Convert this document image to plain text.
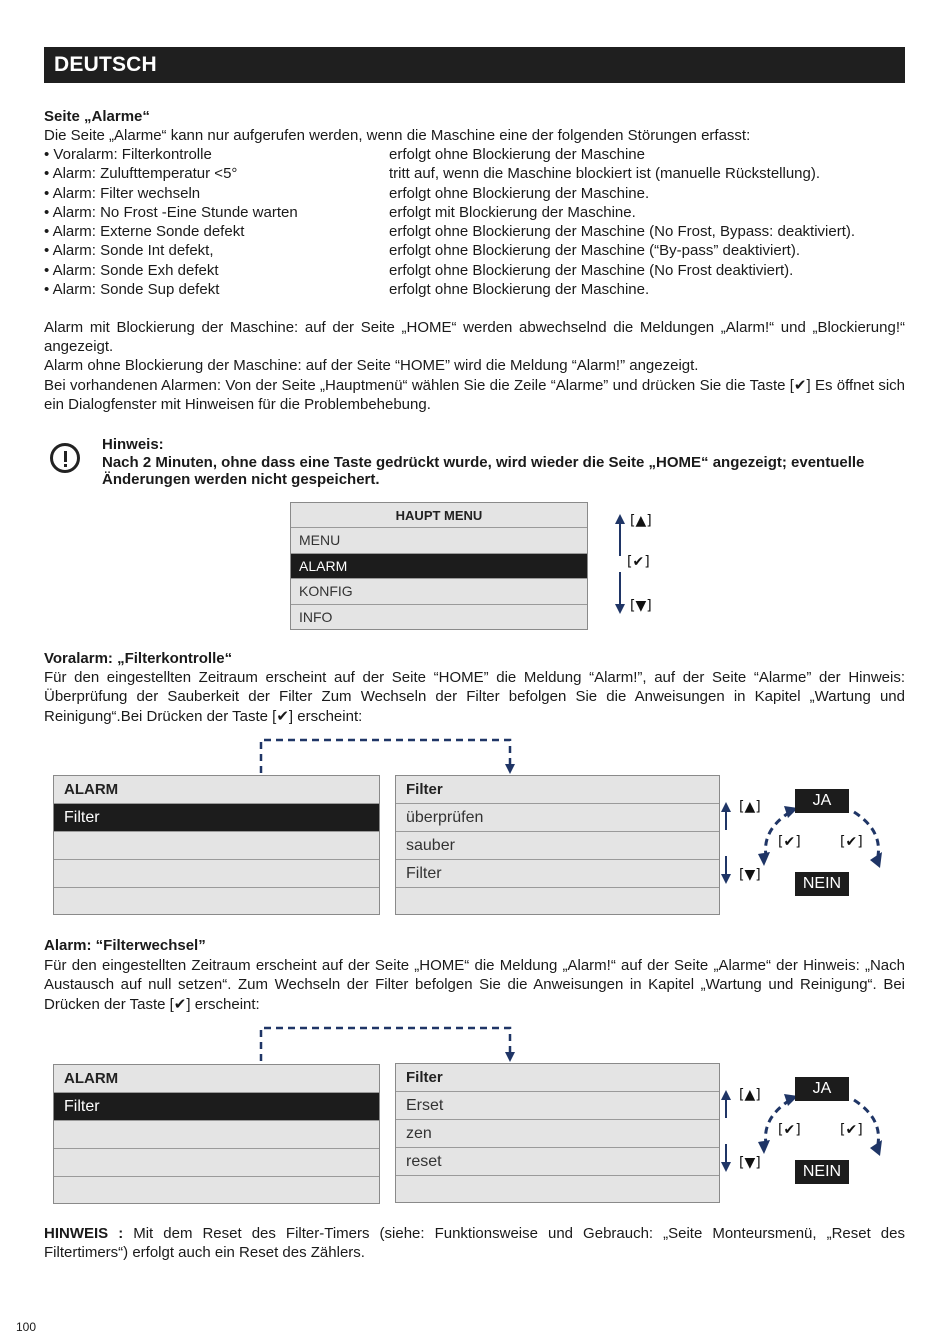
DEUTSCH
Seite „Alarme“
Die Seite „Alarme“ kann nur aufgerufen werden, wenn die Maschine eine der folgenden Störungen erfasst:
• Voralarm: Filterkontrolle	erfolgt ohne Blockierung der Maschine
• Alarm: Zulufttemperatur <5°	tritt auf, wenn die Maschine blockiert ist (manuelle Rückstellung).
• Alarm: Filter wechseln	erfolgt ohne Blockierung der Maschine.
• Alarm: No Frost -Eine Stunde warten	erfolgt mit Blockierung der Maschine.
• Alarm: Externe Sonde defekt	erfolgt ohne Blockierung der Maschine (No Frost, Bypass: deaktiviert).
• Alarm: Sonde Int defekt,	erfolgt ohne Blockierung der Maschine (“By-pass” deaktiviert).
• Alarm: Sonde Exh defekt	erfolgt ohne Blockierung der Maschine (No Frost deaktiviert).
• Alarm: Sonde Sup defekt	erfolgt ohne Blockierung der Maschine.
Alarm mit Blockierung der Maschine: auf der Seite „HOME“ werden abwechselnd die Meldungen „Alarm!“ und „Blockierung!“ angezeigt.
Alarm ohne Blockierung der Maschine: auf der Seite “HOME” wird die Meldung “Alarm!” angezeigt.
Bei vorhandenen Alarmen: Von der Seite „Hauptmenü“ wählen Sie die Zeile “Alarme” und drücken Sie die Taste [✔] Es öffnet sich ein Dialogfenster mit Hinweisen für die Problembehebung.
Hinweis:
Nach 2 Minuten, ohne dass eine Taste gedrückt wurde, wird wieder die Seite „HOME“ angezeigt; eventuelle Änderungen werden nicht gespeichert.
HAUPT MENU
MENU
ALARM
KONFIG
INFO
[▲]
[✔]
[▼]
Voralarm: „Filterkontrolle“
Für den eingestellten Zeitraum erscheint auf der Seite “HOME” die Meldung “Alarm!”, auf der Seite “Alarme” der Hinweis: Überprüfung der Sauberkeit der Filter Zum Wechseln der Filter befolgen Sie die Anweisungen in Kapitel „Wartung und Reinigung“.Bei Drücken der Taste [✔] erscheint:
ALARM
Filter
Filter
überprüfen
sauber
Filter
[▲]
[▼]
JA
NEIN
[✔]	[✔]
Alarm: “Filterwechsel”
Für den eingestellten Zeitraum erscheint auf der Seite „HOME“ die Meldung „Alarm!“ auf der Seite „Alarme“ der Hinweis: „Nach Austausch auf null setzen“. Zum Wechseln der Filter befolgen Sie die Anweisungen in Kapitel „Wartung und Reinigung“. Bei Drücken der Taste [✔] erscheint:
ALARM
Filter
Filter
Erset
zen
reset
[▲]
[▼]
JA
NEIN
[✔]	[✔]
HINWEIS : Mit dem Reset des Filter-Timers (siehe: Funktionsweise und Gebrauch: „Seite Monteursmenü, „Reset des Filtertimers“) erfolgt auch ein Reset des Zählers.
100
